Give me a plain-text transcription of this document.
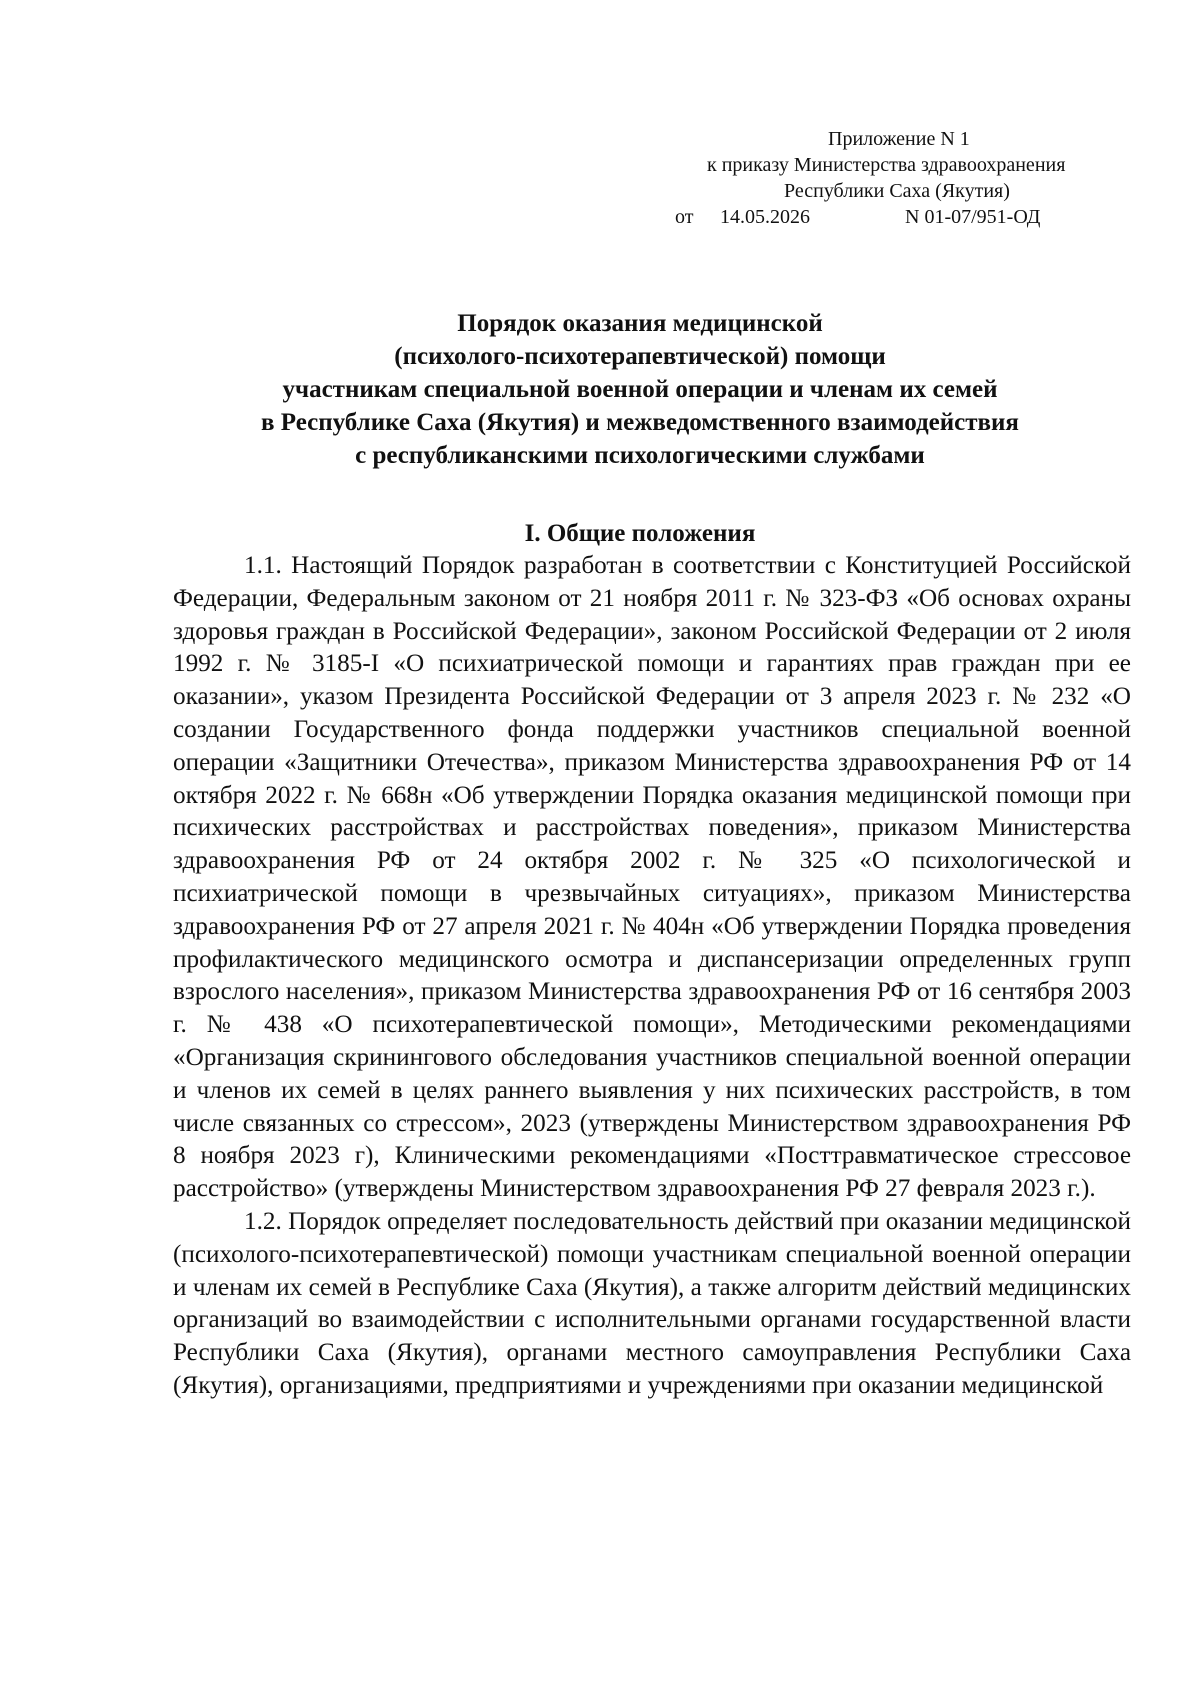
Приложение N 1
к приказу Министерства здравоохранения
Республики Саха (Якутия)
от 14.05.2026	N 01-07/951-ОД
Порядок оказания медицинской
(психолого-психотерапевтической) помощи
участникам специальной военной операции и членам их семей
в Республике Саха (Якутия) и межведомственного взаимодействия
с республиканскими психологическими службами
I. Общие положения

1.1. Настоящий Порядок разработан в соответствии с Конституцией Российской Федерации, Федеральным законом от 21 ноября 2011 г. № 323-ФЗ «Об основах охраны здоровья граждан в Российской Федерации», законом Российской Федерации от 2 июля 1992 г. № 3185-I «О психиатрической помощи и гарантиях прав граждан при ее оказании», указом Президента Российской Федерации от 3 апреля 2023 г. № 232 «О создании Государственного фонда поддержки участников специальной военной операции «Защитники Отечества», приказом Министерства здравоохранения РФ от 14 октября 2022 г. № 668н «Об утверждении Порядка оказания медицинской помощи при психических расстройствах и расстройствах поведения», приказом Министерства здравоохранения РФ от 24 октября 2002 г. № 325 «О психологической и психиатрической помощи в чрезвычайных ситуациях», приказом Министерства здравоохранения РФ от 27 апреля 2021 г. № 404н «Об утверждении Порядка проведения профилактического медицинского осмотра и диспансеризации определенных групп взрослого населения», приказом Министерства здравоохранения РФ от 16 сентября 2003 г. № 438 «О психотерапевтической помощи», Методическими рекомендациями «Организация скринингового обследования участников специальной военной операции и членов их семей в целях раннего выявления у них психических расстройств, в том числе связанных со стрессом», 2023 (утверждены Министерством здравоохранения РФ 8 ноября 2023 г), Клиническими рекомендациями «Посттравматическое стрессовое расстройство» (утверждены Министерством здравоохранения РФ 27 февраля 2023 г.).

1.2. Порядок определяет последовательность действий при оказании медицинской (психолого-психотерапевтической) помощи участникам специальной военной операции и членам их семей в Республике Саха (Якутия), а также алгоритм действий медицинских организаций во взаимодействии с исполнительными органами государственной власти Республики Саха (Якутия), органами местного самоуправления Республики Саха (Якутия), организациями, предприятиями и учреждениями при оказании медицинской
